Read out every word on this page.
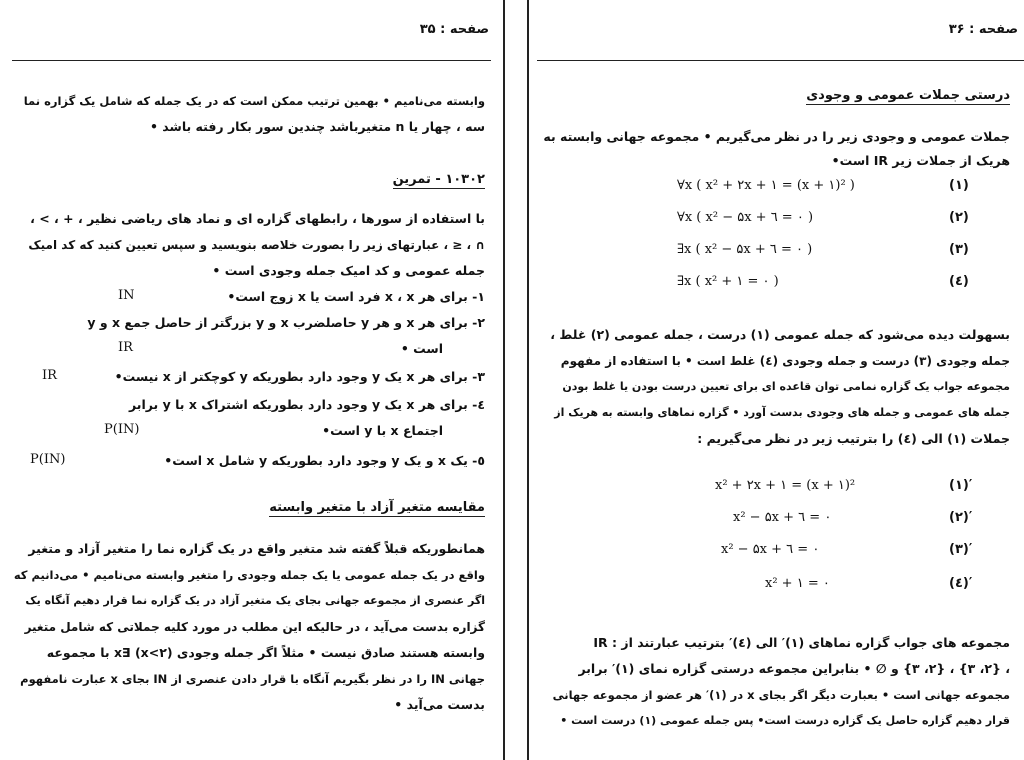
صفحه : ۳۵
وابسته می‌نامیم • بهمین ترتیب ممکن است که در یک جمله که شامل یک گزاره نما
سه ، چهار یا n متغیرباشد چندین سور بکار رفته باشد •
۱۰۳۰۲ - تمرین
با استفاده از سورها ، رابطهای گزاره ای و نماد های ریاضی نظیر ، + ، > ،
∩ ، ≤ ، عبارتهای زیر را بصورت خلاصه بنویسید و سپس تعیین کنید که کد امیک
جمله عمومی و کد امیک جمله وجودی است •
۱- برای هر x ، x فرد است یا x زوج است•
IN
۲- برای هر x و هر y حاصلضرب x و y بزرگتر از حاصل جمع x و y
است •
IR
۳- برای هر x یک y وجود دارد بطوریکه y کوچکتر از x نیست•
IR
٤- برای هر x یک y وجود دارد بطوریکه اشتراک x با y برابر
اجتماع x با y است•
P(IN)
٥- یک x و یک y وجود دارد بطوریکه y شامل x است•
P(IN)
مقایسه متغیر آزاد با متغیر وابسته
همانطوریکه قبلاً گفته شد متغیر واقع در یک گزاره نما را متغیر آزاد و متغیر
واقع در یک جمله عمومی یا یک جمله وجودی را متغیر وابسته می‌نامیم • می‌دانیم که
اگر عنصری از مجموعه جهانی بجای یک متغیر آزاد در یک گزاره نما قرار دهیم آنگاه یک
گزاره بدست می‌آید ، در حالیکه این مطلب در مورد کلیه جملاتی که شامل متغیر
وابسته هستند صادق نیست • مثلاً اگر جمله وجودی (x<۲) ∃x با مجموعه
جهانی IN را در نظر بگیریم آنگاه با قرار دادن عنصری از IN بجای x عبارت نامفهوم
بدست می‌آید •
صفحه : ۳۶
درستی جملات عمومی و وجودی
جملات عمومی و وجودی زیر را در نظر می‌گیریم • مجموعه جهانی وابسته به
هریک از جملات زیر IR است•
∀x ( x² + ۲x + ۱ = (x + ۱)² )	(۱)
∀x ( x² − ۵x + ٦ = ۰ )	(۲)
∃x ( x² − ۵x + ٦ = ۰ )	(۳)
∃x ( x² + ۱ = ۰ )	(٤)
بسهولت دیده می‌شود که جمله عمومی (۱) درست ، جمله عمومی (۲) غلط ،
جمله وجودی (۳) درست و جمله وجودی (٤) غلط است • با استفاده از مفهوم
مجموعه جواب یک گزاره نمامی توان قاعده ای برای تعیین درست بودن یا غلط بودن
جمله های عمومی و جمله های وجودی بدست آورد • گزاره نماهای وابسته به هریک از
جملات (۱) الی (٤) را بترتیب زیر در نظر می‌گیریم :
x² + ۲x + ۱ = (x + ۱)²	(۱)′
x² − ۵x + ٦ = ۰	(۲)′
x² − ۵x + ٦ = ۰	(۳)′
x² + ۱ = ۰	(٤)′
مجموعه های جواب گزاره نماهای (۱)′ الی (٤)′ بترتیب عبارتند از : IR
، {۲، ۳} ، {۲، ۳} و ∅ • بنابراین مجموعه درستی گزاره نمای (۱)′ برابر
مجموعه جهانی است • بعبارت دیگر اگر بجای x در (۱)′ هر عضو از مجموعه جهانی
قرار دهیم گزاره حاصل یک گزاره درست است• پس جمله عمومی (۱) درست است •
